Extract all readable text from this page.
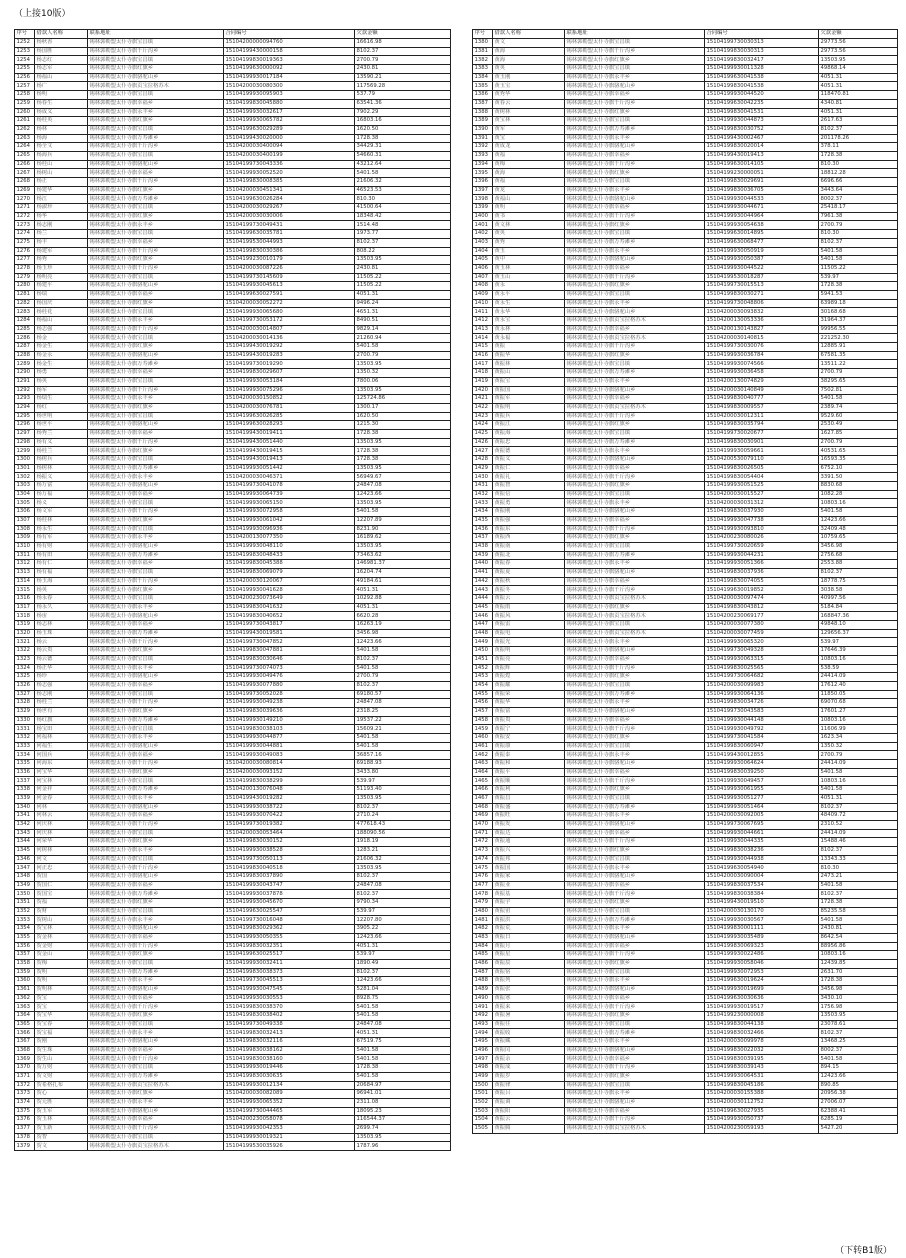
（上接10版）
序号	借款人名称	联系地址	合同编号	欠款金额
1252	杨秋香	锡林郭勒盟太仆寺旗宝昌镇	15104200000094760	16616.98
1253	杨国胜	锡林郭勒盟太仆寺旗千斤沟乡	15104199430000158	8102.37
1254	杨志红	锡林郭勒盟太仆寺旗宝昌镇	15104199830019363	2700.79
1255	杨志军	锡林郭勒盟太仆寺旗红旗乡	15104199630000092	2430.81
1256	杨福山	锡林郭勒盟太仆寺旗骆驼山乡	15104199930017184	13590.21
1257	杨广	锡林郭勒盟太仆寺旗贡宝拉格苏木	15104200030080300	117569.28
1258	杨明	锡林郭勒盟太仆寺旗宝昌镇	15104199930095903	537.79
1259	杨春生	锡林郭勒盟太仆寺旗幸福乡	15104199830045880	63541.36
1260	杨成义	锡林郭勒盟太仆寺旗永丰乡	15104199930032617	7902.29
1261	杨桂英	锡林郭勒盟太仆寺旗红旗乡	15104199930065782	16803.16
1262	杨林	锡林郭勒盟太仆寺旗宝昌镇	15104199630029289	1620.50
1263	杨海	锡林郭勒盟太仆寺旗万寿滩乡	15104199430020000	1728.38
1264	杨全文	锡林郭勒盟太仆寺旗千斤沟乡	15104200030400094	34429.31
1265	杨海兵	锡林郭勒盟太仆寺旗宝昌镇	15104200030400199	54660.31
1266	杨桂山	锡林郭勒盟太仆寺旗骆驼山乡	15104199730043336	43212.64
1267	杨树山	锡林郭勒盟太仆寺旗幸福乡	15104199930052520	5401.58
1268	杨正	锡林郭勒盟太仆寺旗千斤沟乡	15104199830008385	21606.32
1269	杨建华	锡林郭勒盟太仆寺旗红旗乡	15104200030451341	46523.53
1270	杨江	锡林郭勒盟太仆寺旗万寿滩乡	15104199630026284	810.30
1271	杨淑珍	锡林郭勒盟太仆寺旗宝昌镇	15104200030029267	41500.64
1272	杨华	锡林郭勒盟太仆寺旗红旗乡	15104200030030006	18348.42
1273	杨志刚	锡林郭勒盟太仆寺旗永丰乡	15104199730049431	1514.48
1274	杨兰	锡林郭勒盟太仆寺旗宝昌镇	15104199630035781	1973.77
1275	杨丰	锡林郭勒盟太仆寺旗幸福乡	15104199530044993	8102.37
1276	杨建军	锡林郭勒盟太仆寺旗千斤沟乡	15104199830030386	808.22
1277	杨秀	锡林郭勒盟太仆寺旗红旗乡	15104199230010179	13503.95
1278	杨玉珍	锡林郭勒盟太仆寺旗千斤沟乡	15104200030087226	2430.81
1279	杨明亮	锡林郭勒盟太仆寺旗宝昌镇	15104199730145609	11505.22
1280	杨建平	锡林郭勒盟太仆寺旗骆驼山乡	15104199930045613	11505.22
1281	杨瑞	锡林郭勒盟太仆寺旗幸福乡	15104199630027591	4051.31
1282	杨国庆	锡林郭勒盟太仆寺旗红旗乡	15104200030052272	9496.24
1283	杨桂花	锡林郭勒盟太仆寺旗宝昌镇	15104199930065680	4651.31
1284	杨福山	锡林郭勒盟太仆寺旗永丰乡	15104199730053172	8490.51
1285	杨志强	锡林郭勒盟太仆寺旗千斤沟乡	15104200030014807	9829.14
1286	杨金	锡林郭勒盟太仆寺旗宝昌镇	15104200030014136	21260.94
1287	杨金生	锡林郭勒盟太仆寺旗红旗乡	15104199430019292	5401.58
1288	杨金永	锡林郭勒盟太仆寺旗骆驼山乡	15104199430019283	2700.79
1289	杨金生	锡林郭勒盟太仆寺旗万寿滩乡	15104199730019290	13503.95
1290	杨勇	锡林郭勒盟太仆寺旗幸福乡	15104199830029607	1350.32
1291	杨英	锡林郭勒盟太仆寺旗宝昌镇	15104199930053184	7800.06
1292	杨军	锡林郭勒盟太仆寺旗千斤沟乡	15104199930075296	13503.95
1293	杨瑞生	锡林郭勒盟太仆寺旗永丰乡	15104200030150852	125724.86
1294	杨红	锡林郭勒盟太仆寺旗红旗乡	15104200030076781	1300.17
1295	杨世明	锡林郭勒盟太仆寺旗宝昌镇	15104199630026285	1620.50
1296	杨世平	锡林郭勒盟太仆寺旗骆驼山乡	15104199630028293	1215.30
1297	杨秀兰	锡林郭勒盟太仆寺旗幸福乡	15104199430019411	1728.38
1298	杨有义	锡林郭勒盟太仆寺旗千斤沟乡	15104199430051440	13503.95
1299	杨桂兰	锡林郭勒盟太仆寺旗红旗乡	15104199430019415	1728.38
1300	杨树兵	锡林郭勒盟太仆寺旗宝昌镇	15104199430019413	1728.38
1301	杨树林	锡林郭勒盟太仆寺旗万寿滩乡	15104199930051442	13503.95
1302	杨振义	锡林郭勒盟太仆寺旗永丰乡	15104200030046371	56949.67
1303	杨万富	锡林郭勒盟太仆寺旗骆驼山乡	15104199730041078	24847.08
1304	杨万福	锡林郭勒盟太仆寺旗幸福乡	15104199930064739	12423.66
1305	杨义	锡林郭勒盟太仆寺旗宝昌镇	15104199930065150	13503.95
1306	杨文军	锡林郭勒盟太仆寺旗千斤沟乡	15104199930072958	5401.58
1307	杨桂林	锡林郭勒盟太仆寺旗红旗乡	15104199930061042	12207.89
1308	杨永生	锡林郭勒盟太仆寺旗宝昌镇	15104199930096936	8231.90
1309	杨有军	锡林郭勒盟太仆寺旗永丰乡	15104200130077350	16189.62
1310	杨有财	锡林郭勒盟太仆寺旗骆驼山乡	15104199930048110	13503.95
1311	杨有田	锡林郭勒盟太仆寺旗万寿滩乡	15104199830048433	73463.62
1312	杨有仁	锡林郭勒盟太仆寺旗幸福乡	15104199830045388	146981.37
1313	杨有福	锡林郭勒盟太仆寺旗宝昌镇	15104199830069079	16204.74
1314	杨玉海	锡林郭勒盟太仆寺旗千斤沟乡	15104200030120067	49184.61
1315	杨英	锡林郭勒盟太仆寺旗红旗乡	15104199930041628	4051.31
1316	杨永春	锡林郭勒盟太仆寺旗宝昌镇	15104200230073649	10292.88
1317	杨永久	锡林郭勒盟太仆寺旗永丰乡	15104199830041632	4051.31
1318	杨宙	锡林郭勒盟太仆寺旗骆驼山乡	15104199830040652	6620.28
1319	杨志林	锡林郭勒盟太仆寺旗幸福乡	15104199730043817	16263.19
1320	杨玉珠	锡林郭勒盟太仆寺旗万寿滩乡	15104199430019581	3456.98
1321	杨云	锡林郭勒盟太仆寺旗千斤沟乡	15104199730047852	12423.66
1322	杨云贵	锡林郭勒盟太仆寺旗红旗乡	15104199830047881	5401.58
1323	杨云德	锡林郭勒盟太仆寺旗宝昌镇	15104199830030646	8102.37
1324	杨正华	锡林郭勒盟太仆寺旗永丰乡	15104199730074073	5401.58
1325	杨珍	锡林郭勒盟太仆寺旗骆驼山乡	15104199930049476	2700.79
1326	杨志强	锡林郭勒盟太仆寺旗幸福乡	15104199930077880	8102.37
1327	杨志刚	锡林郭勒盟太仆寺旗宝昌镇	15104199730052028	69180.57
1328	杨桂兰	锡林郭勒盟太仆寺旗千斤沟乡	15104199930049238	24847.08
1329	杨世有	锡林郭勒盟太仆寺旗红旗乡	15104199830039636	2318.25
1330	杨红旗	锡林郭勒盟太仆寺旗万寿滩乡	15104199930149210	19537.22
1331	杨宝田	锡林郭勒盟太仆寺旗宝昌镇	15104199830038103	15609.21
1332	何福林	锡林郭勒盟太仆寺旗永丰乡	15104199930044877	5401.58
1333	何福生	锡林郭勒盟太仆寺旗骆驼山乡	15104199930044881	5401.58
1334	何国兵	锡林郭勒盟太仆寺旗幸福乡	15104199930049083	36857.16
1335	何海东	锡林郭勒盟太仆寺旗千斤沟乡	15104200030080814	69188.93
1336	何宝华	锡林郭勒盟太仆寺旗红旗乡	15104200030093152	3433.80
1337	何宝林	锡林郭勒盟太仆寺旗宝昌镇	15104199830038299	539.97
1338	何金祥	锡林郭勒盟太仆寺旗万寿滩乡	15104200130076048	51193.40
1339	何金春	锡林郭勒盟太仆寺旗永丰乡	15104199430019282	13503.95
1340	何林	锡林郭勒盟太仆寺旗骆驼山乡	15104199930038722	8102.37
1341	何林云	锡林郭勒盟太仆寺旗幸福乡	15104199930070422	2710.24
1342	何庆林	锡林郭勒盟太仆寺旗千斤沟乡	15104199730019382	477618.43
1343	何庆林	锡林郭勒盟太仆寺旗宝昌镇	15104200030053464	188090.56
1344	何荣华	锡林郭勒盟太仆寺旗红旗乡	15104199830030152	1918.19
1345	何树林	锡林郭勒盟太仆寺旗永丰乡	15104199930038528	1283.21
1346	何文	锡林郭勒盟太仆寺旗宝昌镇	15104199730050113	21606.32
1347	何正忠	锡林郭勒盟太仆寺旗千斤沟乡	15104199830040518	13503.95
1348	贺国	锡林郭勒盟太仆寺旗骆驼山乡	15104199830037890	8102.37
1349	贺国仁	锡林郭勒盟太仆寺旗幸福乡	15104199930043747	24847.08
1350	贺国宝	锡林郭勒盟太仆寺旗万寿滩乡	15104199930037878	8102.37
1351	贺福	锡林郭勒盟太仆寺旗红旗乡	15104199930045670	9790.34
1352	贺财	锡林郭勒盟太仆寺旗宝昌镇	15104199630025547	539.97
1353	贺树山	锡林郭勒盟太仆寺旗永丰乡	15104199730016048	12207.80
1354	贺宝林	锡林郭勒盟太仆寺旗骆驼山乡	15104199830029362	3905.22
1355	贺金林	锡林郭勒盟太仆寺旗幸福乡	15104199930050355	12423.66
1356	贺金财	锡林郭勒盟太仆寺旗千斤沟乡	15104199830032351	4051.31
1357	贺金山	锡林郭勒盟太仆寺旗红旗乡	15104199630025517	539.97
1358	贺梅	锡林郭勒盟太仆寺旗宝昌镇	15104199930032411	1890.49
1359	贺明	锡林郭勒盟太仆寺旗万寿滩乡	15104199830038373	8102.37
1360	贺明	锡林郭勒盟太仆寺旗永丰乡	15104199730045513	12423.66
1361	贺明林	锡林郭勒盟太仆寺旗骆驼山乡	15104199930047545	5281.04
1362	贺宝	锡林郭勒盟太仆寺旗幸福乡	15104199930030553	8928.75
1363	贺宝	锡林郭勒盟太仆寺旗千斤沟乡	15104199830038370	5401.58
1364	贺宝华	锡林郭勒盟太仆寺旗红旗乡	15104199830038402	5401.58
1365	贺宝春	锡林郭勒盟太仆寺旗宝昌镇	15104199730049338	24847.08
1366	贺宝福	锡林郭勒盟太仆寺旗永丰乡	15104199830032413	4051.31
1367	贺刚	锡林郭勒盟太仆寺旗骆驼山乡	15104199830032116	67519.75
1368	贺生珠	锡林郭勒盟太仆寺旗幸福乡	15104199830038162	5401.58
1369	贺生山	锡林郭勒盟太仆寺旗千斤沟乡	15104199830038160	5401.58
1370	贺万财	锡林郭勒盟太仆寺旗宝昌镇	15104199930019446	1728.38
1371	贺文财	锡林郭勒盟太仆寺旗万寿滩乡	15104199830030635	5401.58
1372	贺希格扎布	锡林郭勒盟太仆寺旗贡宝拉格苏木	15104199930012134	20684.97
1373	贺心	锡林郭勒盟太仆寺旗红旗乡	15104200030082089	96941.01
1374	贺元胜	锡林郭勒盟太仆寺旗永丰乡	15104199930065352	2311.08
1375	贺玉军	锡林郭勒盟太仆寺旗骆驼山乡	15104199730044465	18095.23
1376	贺玉林	锡林郭勒盟太仆寺旗幸福乡	15104200230058078	116544.37
1377	贺玉新	锡林郭勒盟太仆寺旗千斤沟乡	15104199930042353	2699.74
1378	贺智	锡林郭勒盟太仆寺旗宝昌镇	15104199930019321	13503.95
1379	贺文	锡林郭勒盟太仆寺旗贡宝拉格苏木	15104199530035926	1787.96
序号	借款人名称	联系地址	合同编号	欠款金额
1380	黄文	锡林郭勒盟太仆寺旗宝昌镇	15104199730030313	29773.56
1381	黄海	锡林郭勒盟太仆寺旗千斤沟乡	15104199830030313	29773.56
1382	黄海	锡林郭勒盟太仆寺旗红旗乡	15104199830032417	13503.95
1383	黄英	锡林郭勒盟太仆寺旗宝昌镇	15104199930011328	49868.14
1384	黄玉刚	锡林郭勒盟太仆寺旗永丰乡	15104199630041538	4051.31
1385	黄玉宝	锡林郭勒盟太仆寺旗骆驼山乡	15104199830041538	4051.31
1386	黄秀华	锡林郭勒盟太仆寺旗幸福乡	15104199930044520	118470.81
1387	黄春云	锡林郭勒盟太仆寺旗千斤沟乡	15104199630042235	4340.81
1388	黄树林	锡林郭勒盟太仆寺旗红旗乡	15104199830041531	4051.31
1389	黄宝林	锡林郭勒盟太仆寺旗宝昌镇	15104199930044873	2617.63
1390	黄军	锡林郭勒盟太仆寺旗万寿滩乡	15104199830030752	8102.37
1391	黄宝	锡林郭勒盟太仆寺旗永丰乡	15104199430002467	201178.26
1392	黄成龙	锡林郭勒盟太仆寺旗骆驼山乡	15104199830020014	378.11
1393	黄福	锡林郭勒盟太仆寺旗幸福乡	15104199430019413	1728.38
1394	黄梅	锡林郭勒盟太仆寺旗千斤沟乡	15104199630014105	810.30
1395	黄海	锡林郭勒盟太仆寺旗红旗乡	15104199230000051	18812.28
1396	黄福	锡林郭勒盟太仆寺旗宝昌镇	15104199830029691	6696.66
1397	黄龙	锡林郭勒盟太仆寺旗永丰乡	15104199830036705	3443.64
1398	黄福山	锡林郭勒盟太仆寺旗骆驼山乡	15104199930044533	8002.37
1399	黄明	锡林郭勒盟太仆寺旗幸福乡	15104199930044671	25418.17
1400	黄书	锡林郭勒盟太仆寺旗千斤沟乡	15104199930044964	7961.38
1401	黄文林	锡林郭勒盟太仆寺旗红旗乡	15104199930054638	2700.79
1402	黄英	锡林郭勒盟太仆寺旗宝昌镇	15104199630014895	810.30
1403	黄秀	锡林郭勒盟太仆寺旗万寿滩乡	15104199630068477	8102.37
1404	黄玉	锡林郭勒盟太仆寺旗永丰乡	15104199930050919	5401.58
1405	黄中	锡林郭勒盟太仆寺旗骆驼山乡	15104199930050387	5401.58
1406	黄玉林	锡林郭勒盟太仆寺旗幸福乡	15104199930044522	11505.22
1407	黄玉山	锡林郭勒盟太仆寺旗千斤沟乡	15104199530018287	539.97
1408	黄永	锡林郭勒盟太仆寺旗红旗乡	15104199730015513	1728.38
1409	黄永平	锡林郭勒盟太仆寺旗宝昌镇	15104199830030271	5941.53
1410	黄永生	锡林郭勒盟太仆寺旗永丰乡	15104199730048806	63989.18
1411	黄永华	锡林郭勒盟太仆寺旗骆驼山乡	15104200030093832	30168.68
1412	黄永宝	锡林郭勒盟太仆寺旗贡宝拉格苏木	15104200130053336	31964.37
1413	黄永林	锡林郭勒盟太仆寺旗幸福乡	15104200130143827	99956.55
1414	黄永福	锡林郭勒盟太仆寺旗贡宝拉格苏木	15104200030140815	221252.30
1415	黄振	锡林郭勒盟太仆寺旗千斤沟乡	15104199730030076	12885.91
1416	黄振华	锡林郭勒盟太仆寺旗红旗乡	15104199930036784	67581.35
1417	黄振林	锡林郭勒盟太仆寺旗宝昌镇	15104199930074566	13511.22
1418	黄振山	锡林郭勒盟太仆寺旗万寿滩乡	15104199930036458	2700.79
1419	黄振宝	锡林郭勒盟太仆寺旗永丰乡	15104200130074829	38295.65
1420	黄振国	锡林郭勒盟太仆寺旗骆驼山乡	15104200030140849	7502.81
1421	黄振军	锡林郭勒盟太仆寺旗幸福乡	15104199830040777	5401.58
1422	黄振明	锡林郭勒盟太仆寺旗贡宝拉格苏木	15104199830009557	2389.74
1423	黄振兵	锡林郭勒盟太仆寺旗千斤沟乡	15104200030012311	9529.60
1424	黄振江	锡林郭勒盟太仆寺旗红旗乡	15104199830035794	2530.49
1425	黄振海	锡林郭勒盟太仆寺旗宝昌镇	15104199730020677	1627.85
1426	黄振忠	锡林郭勒盟太仆寺旗万寿滩乡	15104199830030901	2700.79
1427	黄振德	锡林郭勒盟太仆寺旗永丰乡	15104199930059661	40531.65
1428	黄振义	锡林郭勒盟太仆寺旗骆驼山乡	15104200530079110	16593.35
1429	黄振仁	锡林郭勒盟太仆寺旗幸福乡	15104199830026505	6752.10
1430	黄振礼	锡林郭勒盟太仆寺旗千斤沟乡	15104199830054404	3391.50
1431	黄振智	锡林郭勒盟太仆寺旗红旗乡	15104199930051525	8830.68
1432	黄振信	锡林郭勒盟太仆寺旗宝昌镇	15104200030015527	1082.28
1433	黄振勇	锡林郭勒盟太仆寺旗永丰乡	15104200030031312	10803.16
1434	黄振刚	锡林郭勒盟太仆寺旗骆驼山乡	15104199830037930	5401.58
1435	黄振强	锡林郭勒盟太仆寺旗幸福乡	15104199930047738	12423.66
1436	黄振东	锡林郭勒盟太仆寺旗千斤沟乡	15104199930093810	32409.48
1437	黄振西	锡林郭勒盟太仆寺旗红旗乡	15104200230080026	10759.65
1438	黄振南	锡林郭勒盟太仆寺旗宝昌镇	15104199730020659	3456.98
1439	黄振北	锡林郭勒盟太仆寺旗万寿滩乡	15104199930044231	2756.68
1440	黄振春	锡林郭勒盟太仆寺旗永丰乡	15104199930051366	2553.88
1441	黄振夏	锡林郭勒盟太仆寺旗骆驼山乡	15104199830037936	8102.37
1442	黄振秋	锡林郭勒盟太仆寺旗幸福乡	15104199830074055	18778.75
1443	黄振冬	锡林郭勒盟太仆寺旗千斤沟乡	15104199630019852	3038.58
1444	黄振云	锡林郭勒盟太仆寺旗贡宝拉格苏木	15104200030097474	40997.56
1445	黄振雨	锡林郭勒盟太仆寺旗红旗乡	15104199830043812	5184.84
1446	黄振风	锡林郭勒盟太仆寺旗贡宝拉格苏木	15104200230069177	168847.36
1447	黄振雷	锡林郭勒盟太仆寺旗宝昌镇	15104200030077380	49848.10
1448	黄振电	锡林郭勒盟太仆寺旗贡宝拉格苏木	15104200030077459	129656.37
1449	黄振光	锡林郭勒盟太仆寺旗永丰乡	15104199930065320	539.97
1450	黄振明	锡林郭勒盟太仆寺旗骆驼山乡	15104199730049328	17646.39
1451	黄振亮	锡林郭勒盟太仆寺旗幸福乡	15104199930063315	10803.16
1452	黄振辉	锡林郭勒盟太仆寺旗千斤沟乡	15104199830025565	538.59
1453	黄振煌	锡林郭勒盟太仆寺旗红旗乡	15104199730064682	24414.09
1454	黄振耀	锡林郭勒盟太仆寺旗宝昌镇	15104200030099983	17612.40
1455	黄振荣	锡林郭勒盟太仆寺旗万寿滩乡	15104199930064136	11850.05
1456	黄振华	锡林郭勒盟太仆寺旗永丰乡	15104199830034726	69070.68
1457	黄振富	锡林郭勒盟太仆寺旗骆驼山乡	15104199730043583	17601.27
1458	黄振贵	锡林郭勒盟太仆寺旗幸福乡	15104199930044148	10803.16
1459	黄振宁	锡林郭勒盟太仆寺旗千斤沟乡	15104199930049792	11606.99
1460	黄振安	锡林郭勒盟太仆寺旗红旗乡	15104199730041584	1623.34
1461	黄振康	锡林郭勒盟太仆寺旗宝昌镇	15104199830060947	1350.32
1462	黄振泰	锡林郭勒盟太仆寺旗永丰乡	15104199430012855	2700.79
1463	黄振和	锡林郭勒盟太仆寺旗骆驼山乡	15104199930064624	24414.09
1464	黄振平	锡林郭勒盟太仆寺旗幸福乡	15104199830039250	5401.58
1465	黄振顺	锡林郭勒盟太仆寺旗千斤沟乡	15104199930049457	10803.16
1466	黄振利	锡林郭勒盟太仆寺旗红旗乡	15104199930061955	5401.58
1467	黄振昌	锡林郭勒盟太仆寺旗宝昌镇	15104199930051277	4051.31
1468	黄振盛	锡林郭勒盟太仆寺旗万寿滩乡	15104199930051464	8102.37
1469	黄振旺	锡林郭勒盟太仆寺旗永丰乡	15104200030092005	48409.72
1470	黄振发	锡林郭勒盟太仆寺旗骆驼山乡	15104199730067695	2310.52
1471	黄振达	锡林郭勒盟太仆寺旗幸福乡	15104199930044661	24414.09
1472	黄振通	锡林郭勒盟太仆寺旗千斤沟乡	15104199930044335	15488.46
1473	黄振兴	锡林郭勒盟太仆寺旗红旗乡	15104199830038236	8102.37
1474	黄振邦	锡林郭勒盟太仆寺旗宝昌镇	15104199930044938	13343.33
1475	黄振国	锡林郭勒盟太仆寺旗永丰乡	15104199630054940	810.30
1476	黄振家	锡林郭勒盟太仆寺旗骆驼山乡	15104200030090004	2473.21
1477	黄振业	锡林郭勒盟太仆寺旗幸福乡	15104199830037534	5401.58
1478	黄振基	锡林郭勒盟太仆寺旗千斤沟乡	15104199830038384	8102.37
1479	黄振宇	锡林郭勒盟太仆寺旗红旗乡	15104199430019510	1728.38
1480	黄振宙	锡林郭勒盟太仆寺旗宝昌镇	15104200030130170	85235.58
1481	黄振洪	锡林郭勒盟太仆寺旗万寿滩乡	15104199930030567	5401.58
1482	黄振荒	锡林郭勒盟太仆寺旗永丰乡	15104199830001111	2430.81
1483	黄振日	锡林郭勒盟太仆寺旗骆驼山乡	15104199930035489	8642.54
1484	黄振月	锡林郭勒盟太仆寺旗幸福乡	15104199830069323	88956.86
1485	黄振星	锡林郭勒盟太仆寺旗千斤沟乡	15104199930022486	10803.16
1486	黄振辰	锡林郭勒盟太仆寺旗红旗乡	15104199930058046	12439.85
1487	黄振宿	锡林郭勒盟太仆寺旗宝昌镇	15104199930072953	2631.70
1488	黄振列	锡林郭勒盟太仆寺旗永丰乡	15104199630019624	1728.38
1489	黄振张	锡林郭勒盟太仆寺旗骆驼山乡	15104199930019699	3456.98
1490	黄振寒	锡林郭勒盟太仆寺旗幸福乡	15104199630030636	3430.10
1491	黄振来	锡林郭勒盟太仆寺旗千斤沟乡	15104199930019517	1756.98
1492	黄振暑	锡林郭勒盟太仆寺旗红旗乡	15104199230000008	13503.95
1493	黄振往	锡林郭勒盟太仆寺旗宝昌镇	15104199830044138	23078.61
1494	黄振收	锡林郭勒盟太仆寺旗万寿滩乡	15104199830032466	8102.37
1495	黄振藏	锡林郭勒盟太仆寺旗永丰乡	15104200030099978	13468.25
1496	黄振闰	锡林郭勒盟太仆寺旗骆驼山乡	15104199830022032	8002.37
1497	黄振余	锡林郭勒盟太仆寺旗幸福乡	15104199830039195	5401.58
1498	黄振成	锡林郭勒盟太仆寺旗千斤沟乡	15104199830039143	894.15
1499	黄振岁	锡林郭勒盟太仆寺旗红旗乡	15104199930064531	12423.66
1500	黄振律	锡林郭勒盟太仆寺旗宝昌镇	15104199830045186	890.85
1501	黄振吕	锡林郭勒盟太仆寺旗永丰乡	15104200030155388	20956.38
1502	黄振调	锡林郭勒盟太仆寺旗骆驼山乡	15104200030112752	27006.07
1503	黄振阳	锡林郭勒盟太仆寺旗幸福乡	15104199630027935	62388.41
1504	黄振云	锡林郭勒盟太仆寺旗千斤沟乡	15104199930050737	6285.19
1505	黄振腾	锡林郭勒盟太仆寺旗贡宝拉格苏木	15104200230059193	5427.20
（下转B1版）
